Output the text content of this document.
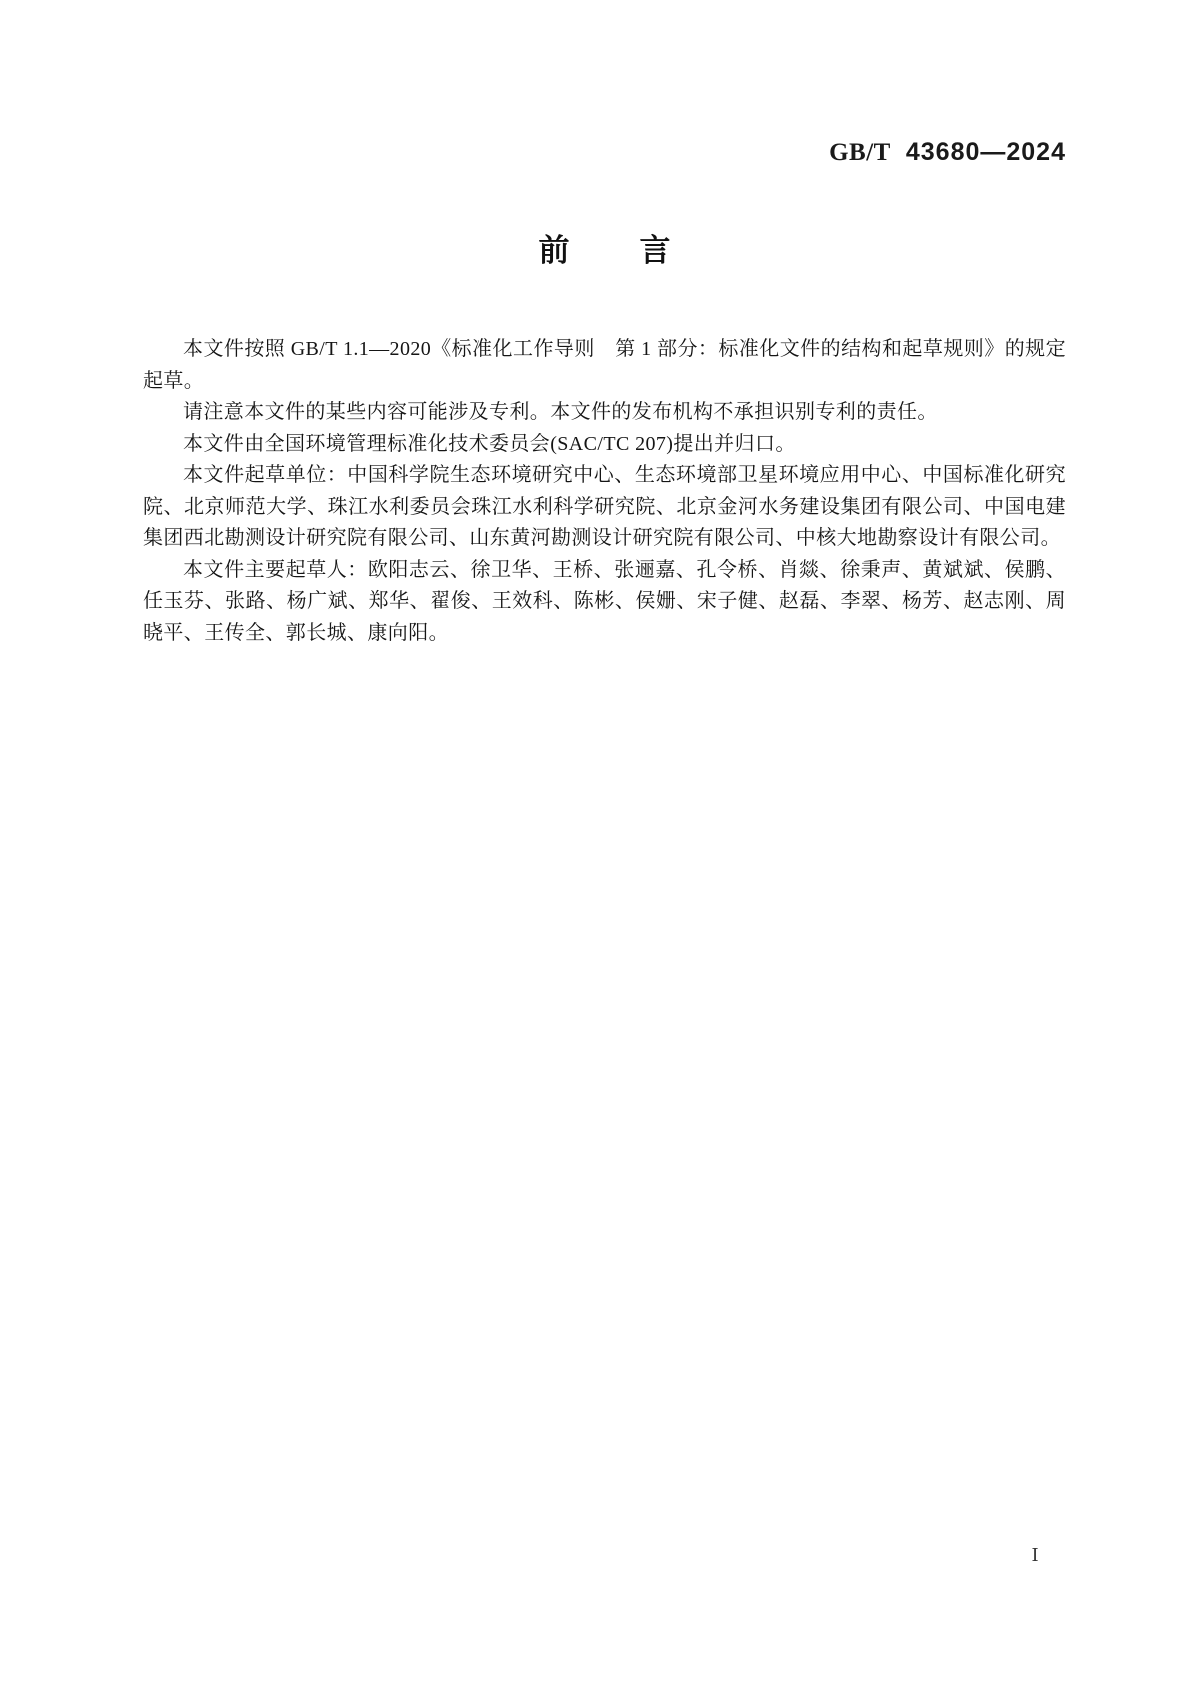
GB/T 43680—2024
前 言

本文件按照 GB/T 1.1—2020《标准化工作导则　第 1 部分：标准化文件的结构和起草规则》的规定起草。

请注意本文件的某些内容可能涉及专利。本文件的发布机构不承担识别专利的责任。

本文件由全国环境管理标准化技术委员会(SAC/TC 207)提出并归口。

本文件起草单位：中国科学院生态环境研究中心、生态环境部卫星环境应用中心、中国标准化研究院、北京师范大学、珠江水利委员会珠江水利科学研究院、北京金河水务建设集团有限公司、中国电建集团西北勘测设计研究院有限公司、山东黄河勘测设计研究院有限公司、中核大地勘察设计有限公司。

本文件主要起草人：欧阳志云、徐卫华、王桥、张逦嘉、孔令桥、肖燚、徐秉声、黄斌斌、侯鹏、任玉芬、张路、杨广斌、郑华、翟俊、王效科、陈彬、侯姗、宋子健、赵磊、李翠、杨芳、赵志刚、周晓平、王传全、郭长城、康向阳。

Ⅰ
